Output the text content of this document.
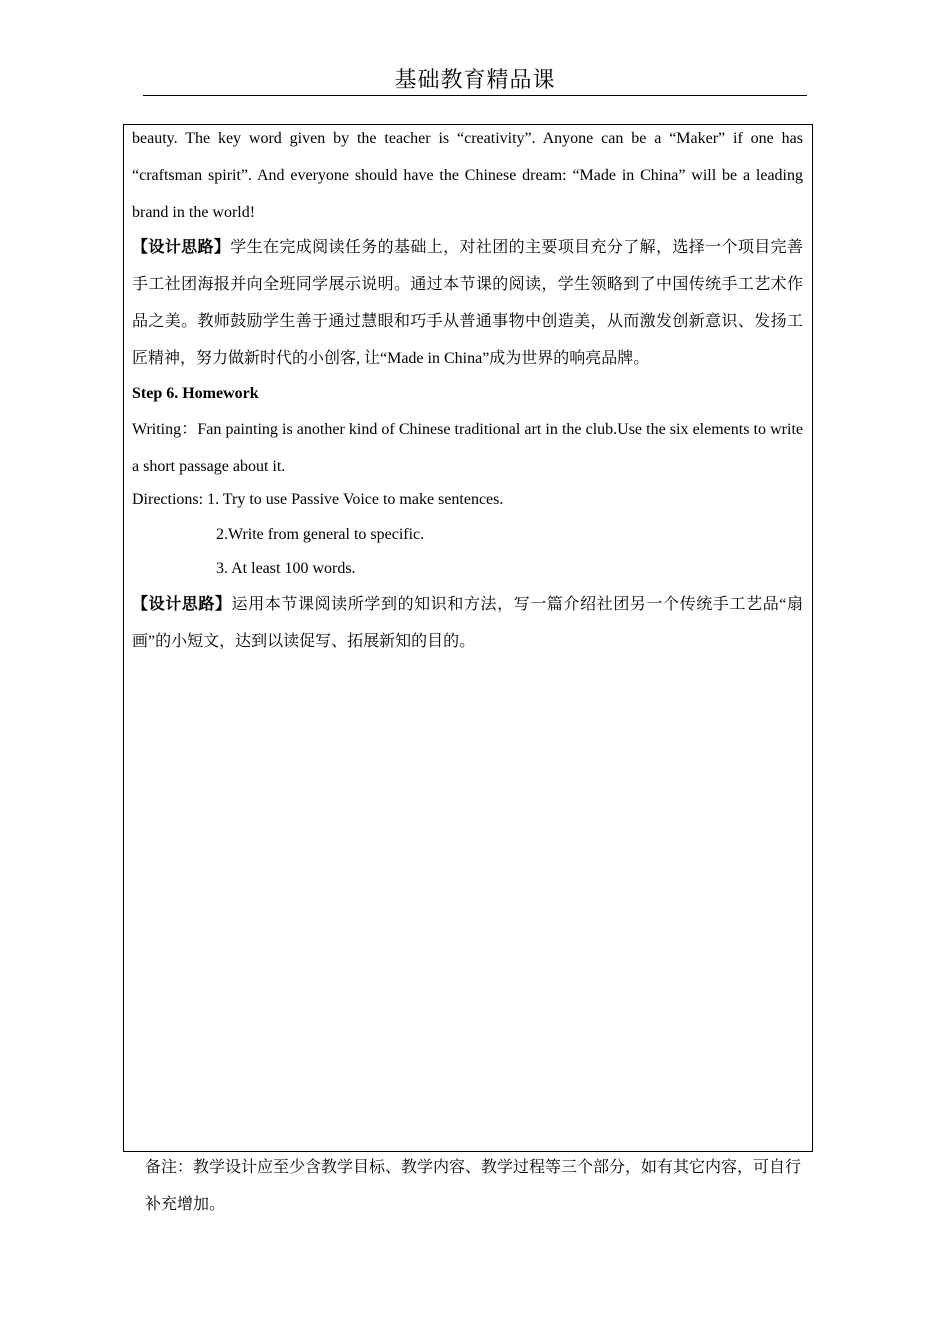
基础教育精品课
beauty. The key word given by the teacher is “creativity”. Anyone can be a “Maker” if one has “craftsman spirit”. And everyone should have the Chinese dream: “Made in China” will be a leading brand in the world!
【设计思路】学生在完成阅读任务的基础上，对社团的主要项目充分了解，选择一个项目完善手工社团海报并向全班同学展示说明。通过本节课的阅读，学生领略到了中国传统手工艺术作品之美。教师鼓励学生善于通过慧眼和巧手从普通事物中创造美，从而激发创新意识、发扬工匠精神，努力做新时代的小创客, 让“Made in China”成为世界的响亮品牌。
Step 6. Homework
Writing：Fan painting is another kind of Chinese traditional art in the club.Use the six elements to write a short passage about it.
Directions: 1. Try to use Passive Voice to make sentences.
2.Write from general to specific.
3. At least 100 words.
【设计思路】运用本节课阅读所学到的知识和方法，写一篇介绍社团另一个传统手工艺品“扇画”的小短文，达到以读促写、拓展新知的目的。
备注：教学设计应至少含教学目标、教学内容、教学过程等三个部分，如有其它内容，可自行补充增加。
